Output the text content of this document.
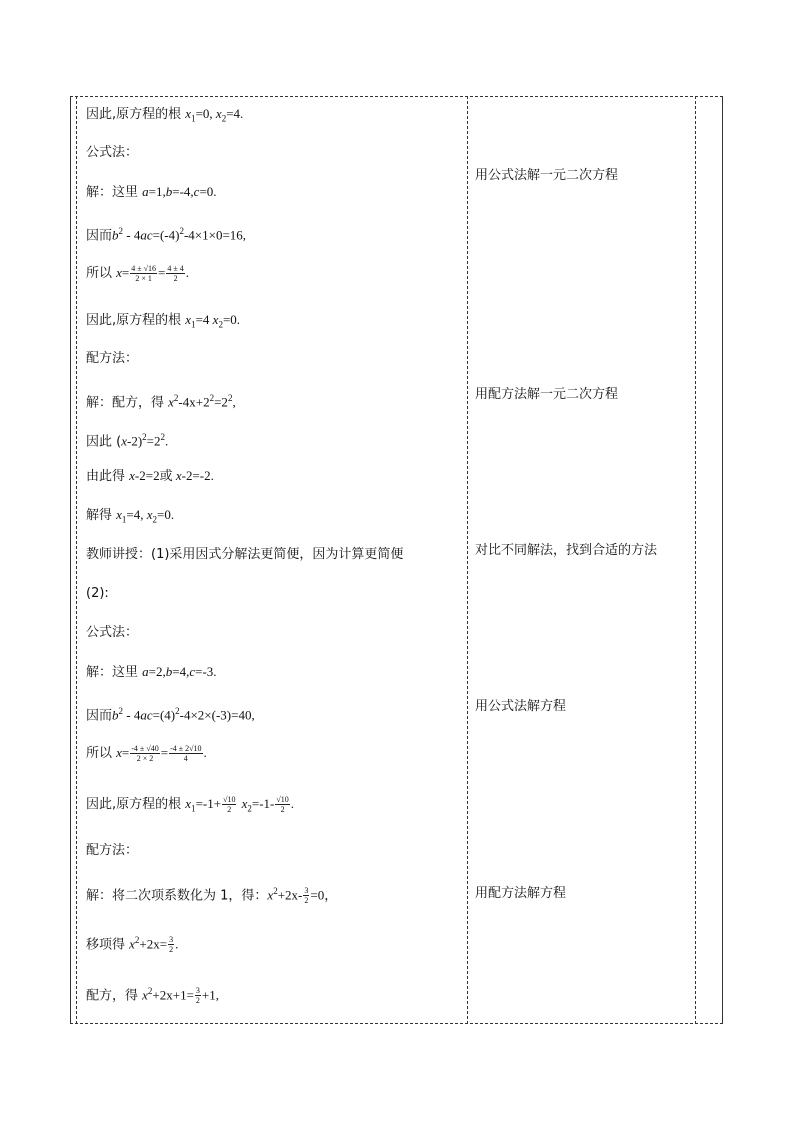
因此,原方程的根 $x_1=0$, $x_2=4$.
公式法：
解：这里 a=1,b=-4,c=0.
因而$b^2 - 4ac=(-4)^2-4\times 1\times 0=16$,
所以 $x= \frac{4 \pm √16}{2 \times 1} = \frac{4 \pm 4}{2}$ .
因此,原方程的根 $x_1=4$ $x_2=0$.
配方法：
解：配方，得 $x^2-4x+2^2=2^2$,
因此 $(x-2)^2=2^2$.
由此得 x-2=2或 x-2=-2.
解得 $x_1=4$, $x_2=0$.
教师讲授：(1)采用因式分解法更简便，因为计算更简便
(2):
公式法：
解：这里 a=2,b=4,c=-3.
因而$b^2 - 4ac=(4)^2-4\times 2\times(-3)=40$,
所以 $x= \frac{-4 \pm √40}{2 \times 2} = \frac{-4 \pm 2√10}{4}$ .
因此,原方程的根 $x_1=-1+ \frac{√10}{2} x_2=-1- \frac{√10}{2}$ .
配方法：
解：将二次项系数化为 1，得：$x^2+2x- \frac{3}{2} =0$，
移项得 $x^2+2x= \frac{3}{2}$ .
配方，得 $x^2+2x+1= \frac{3}{2} +1$,
用公式法解一元二次方程
用配方法解一元二次方程
对比不同解法，找到合适的方法
用公式法解方程
用配方法解方程
